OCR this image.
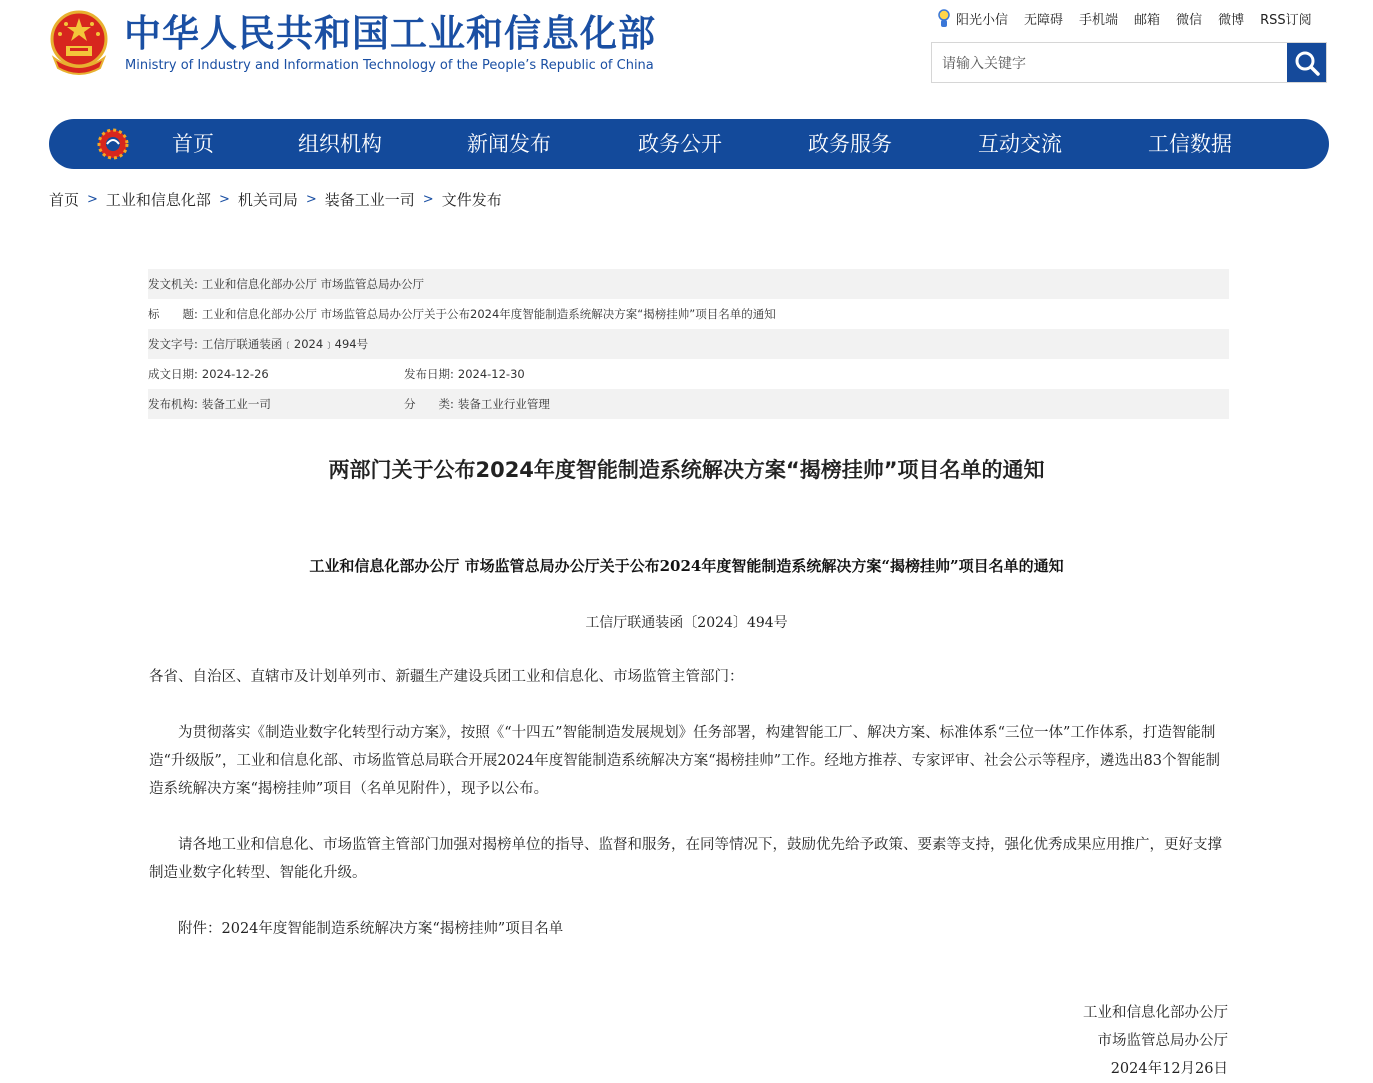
中华人民共和国工业和信息化部
Ministry of Industry and Information Technology of the People’s Republic of China
阳光小信 无障碍 手机端 邮箱 微信 微博 RSS订阅
请输入关键字
首页	组织机构	新闻发布	政务公开	政务服务	互动交流	工信数据
首页 > 工业和信息化部 > 机关司局 > 装备工业一司 > 文件发布
发文机关: 工业和信息化部办公厅 市场监管总局办公厅
标　　题: 工业和信息化部办公厅 市场监管总局办公厅关于公布2024年度智能制造系统解决方案“揭榜挂帅”项目名单的通知
发文字号: 工信厅联通装函﹝2024﹞494号
成文日期: 2024-12-26	发布日期: 2024-12-30
发布机构: 装备工业一司	分　　类: 装备工业行业管理
两部门关于公布2024年度智能制造系统解决方案“揭榜挂帅”项目名单的通知
工业和信息化部办公厅 市场监管总局办公厅关于公布2024年度智能制造系统解决方案“揭榜挂帅”项目名单的通知
工信厅联通装函〔2024〕494号
各省、自治区、直辖市及计划单列市、新疆生产建设兵团工业和信息化、市场监管主管部门：
为贯彻落实《制造业数字化转型行动方案》，按照《“十四五”智能制造发展规划》任务部署，构建智能工厂、解决方案、标准体系“三位一体”工作体系，打造智能制造“升级版”，工业和信息化部、市场监管总局联合开展2024年度智能制造系统解决方案“揭榜挂帅”工作。经地方推荐、专家评审、社会公示等程序，遴选出83个智能制造系统解决方案“揭榜挂帅”项目（名单见附件），现予以公布。
请各地工业和信息化、市场监管主管部门加强对揭榜单位的指导、监督和服务，在同等情况下，鼓励优先给予政策、要素等支持，强化优秀成果应用推广，更好支撑制造业数字化转型、智能化升级。
附件：2024年度智能制造系统解决方案“揭榜挂帅”项目名单
工业和信息化部办公厅
市场监管总局办公厅
2024年12月26日
